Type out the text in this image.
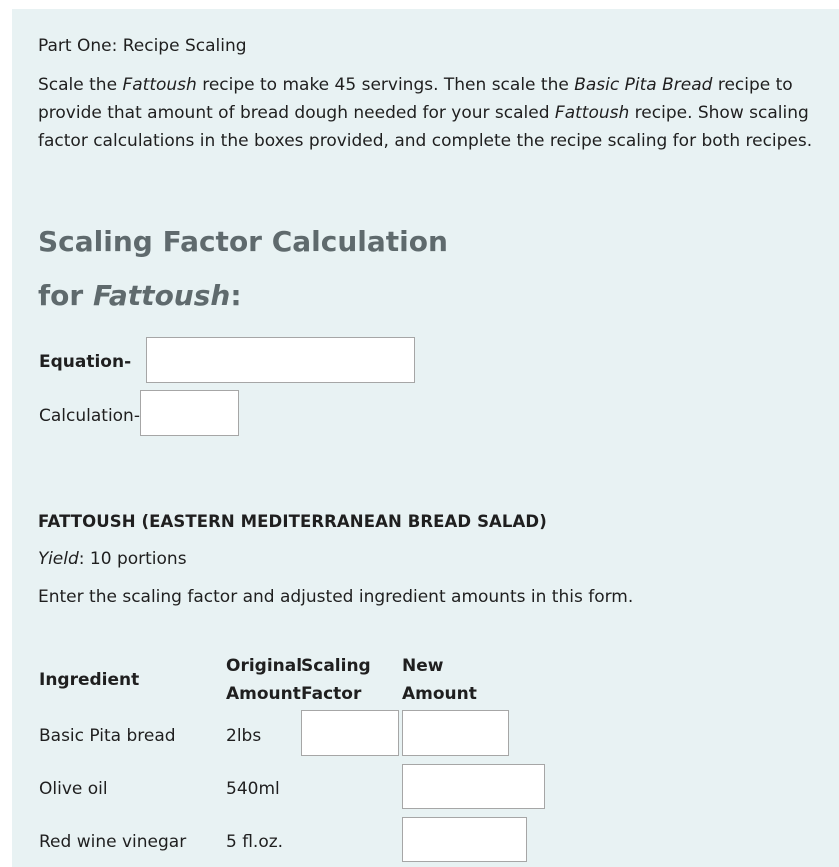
Part One: Recipe Scaling
Scale the Fattoush recipe to make 45 servings. Then scale the Basic Pita Bread recipe to provide that amount of bread dough needed for your scaled Fattoush recipe. Show scaling factor calculations in the boxes provided, and complete the recipe scaling for both recipes.
Scaling Factor Calculation
for Fattoush:
Equation-
Calculation-
FATTOUSH (EASTERN MEDITERRANEAN BREAD SALAD)
Yield: 10 portions
Enter the scaling factor and adjusted ingredient amounts in this form.
Ingredient
Original
Amount
Scaling
Factor
New
Amount
Basic Pita bread	2lbs
Olive oil	540ml
Red wine vinegar 5 fl.oz.
